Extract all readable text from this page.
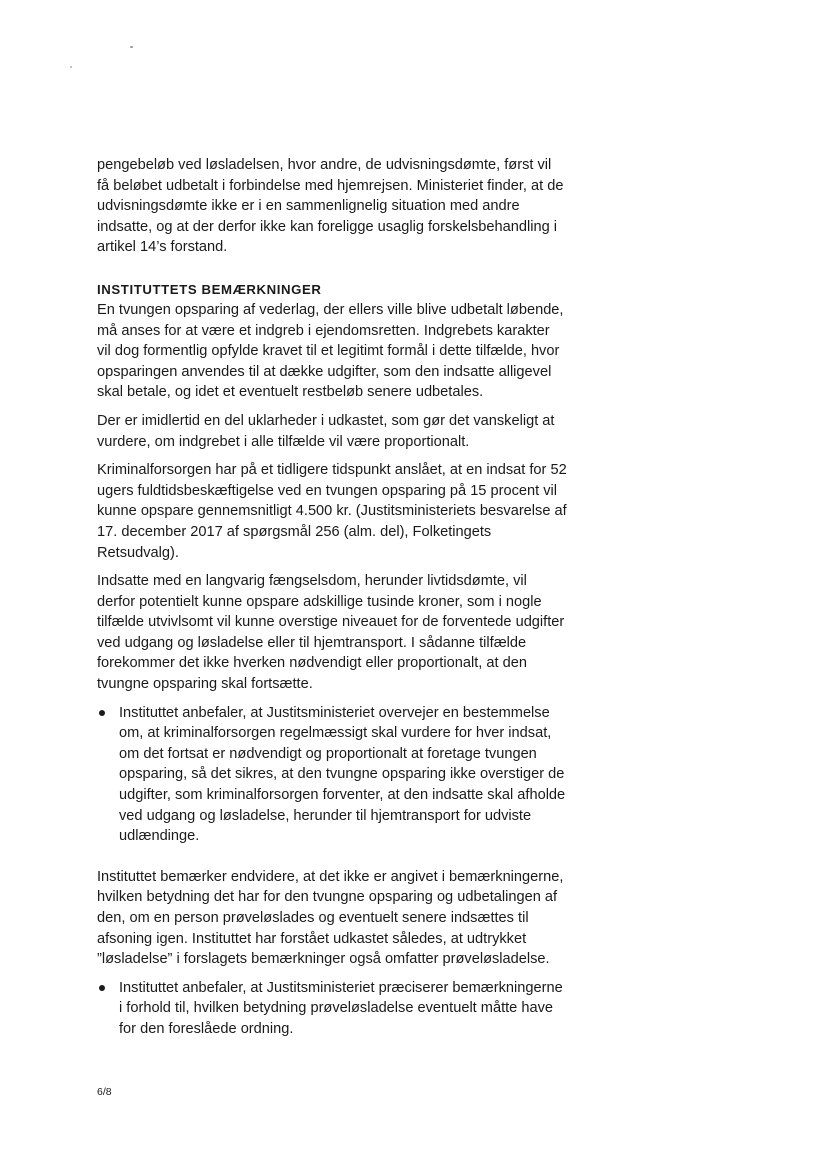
pengebeløb ved løsladelsen, hvor andre, de udvisningsdømte, først vil få beløbet udbetalt i forbindelse med hjemrejsen. Ministeriet finder, at de udvisningsdømte ikke er i en sammenlignelig situation med andre indsatte, og at der derfor ikke kan foreligge usaglig forskelsbehandling i artikel 14’s forstand.

INSTITUTTETS BEMÆRKNINGER

En tvungen opsparing af vederlag, der ellers ville blive udbetalt løbende, må anses for at være et indgreb i ejendomsretten. Indgrebets karakter vil dog formentlig opfylde kravet til et legitimt formål i dette tilfælde, hvor opsparingen anvendes til at dække udgifter, som den indsatte alligevel skal betale, og idet et eventuelt restbeløb senere udbetales.

Der er imidlertid en del uklarheder i udkastet, som gør det vanskeligt at vurdere, om indgrebet i alle tilfælde vil være proportionalt.

Kriminalforsorgen har på et tidligere tidspunkt anslået, at en indsat for 52 ugers fuldtidsbeskæftigelse ved en tvungen opsparing på 15 procent vil kunne opspare gennemsnitligt 4.500 kr. (Justitsministeriets besvarelse af 17. december 2017 af spørgsmål 256 (alm. del), Folketingets Retsudvalg).

Indsatte med en langvarig fængselsdom, herunder livtidsdømte, vil derfor potentielt kunne opspare adskillige tusinde kroner, som i nogle tilfælde utvivlsomt vil kunne overstige niveauet for de forventede udgifter ved udgang og løsladelse eller til hjemtransport. I sådanne tilfælde forekommer det ikke hverken nødvendigt eller proportionalt, at den tvungne opsparing skal fortsætte.

Instituttet anbefaler, at Justitsministeriet overvejer en bestemmelse om, at kriminalforsorgen regelmæssigt skal vurdere for hver indsat, om det fortsat er nødvendigt og proportionalt at foretage tvungen opsparing, så det sikres, at den tvungne opsparing ikke overstiger de udgifter, som kriminalforsorgen forventer, at den indsatte skal afholde ved udgang og løsladelse, herunder til hjemtransport for udviste udlændinge.

Instituttet bemærker endvidere, at det ikke er angivet i bemærkningerne, hvilken betydning det har for den tvungne opsparing og udbetalingen af den, om en person prøveløslades og eventuelt senere indsættes til afsoning igen. Instituttet har forstået udkastet således, at udtrykket ”løsladelse” i forslagets bemærkninger også omfatter prøveløsladelse.

Instituttet anbefaler, at Justitsministeriet præciserer bemærkningerne i forhold til, hvilken betydning prøveløsladelse eventuelt måtte have for den foreslåede ordning.
6/8
